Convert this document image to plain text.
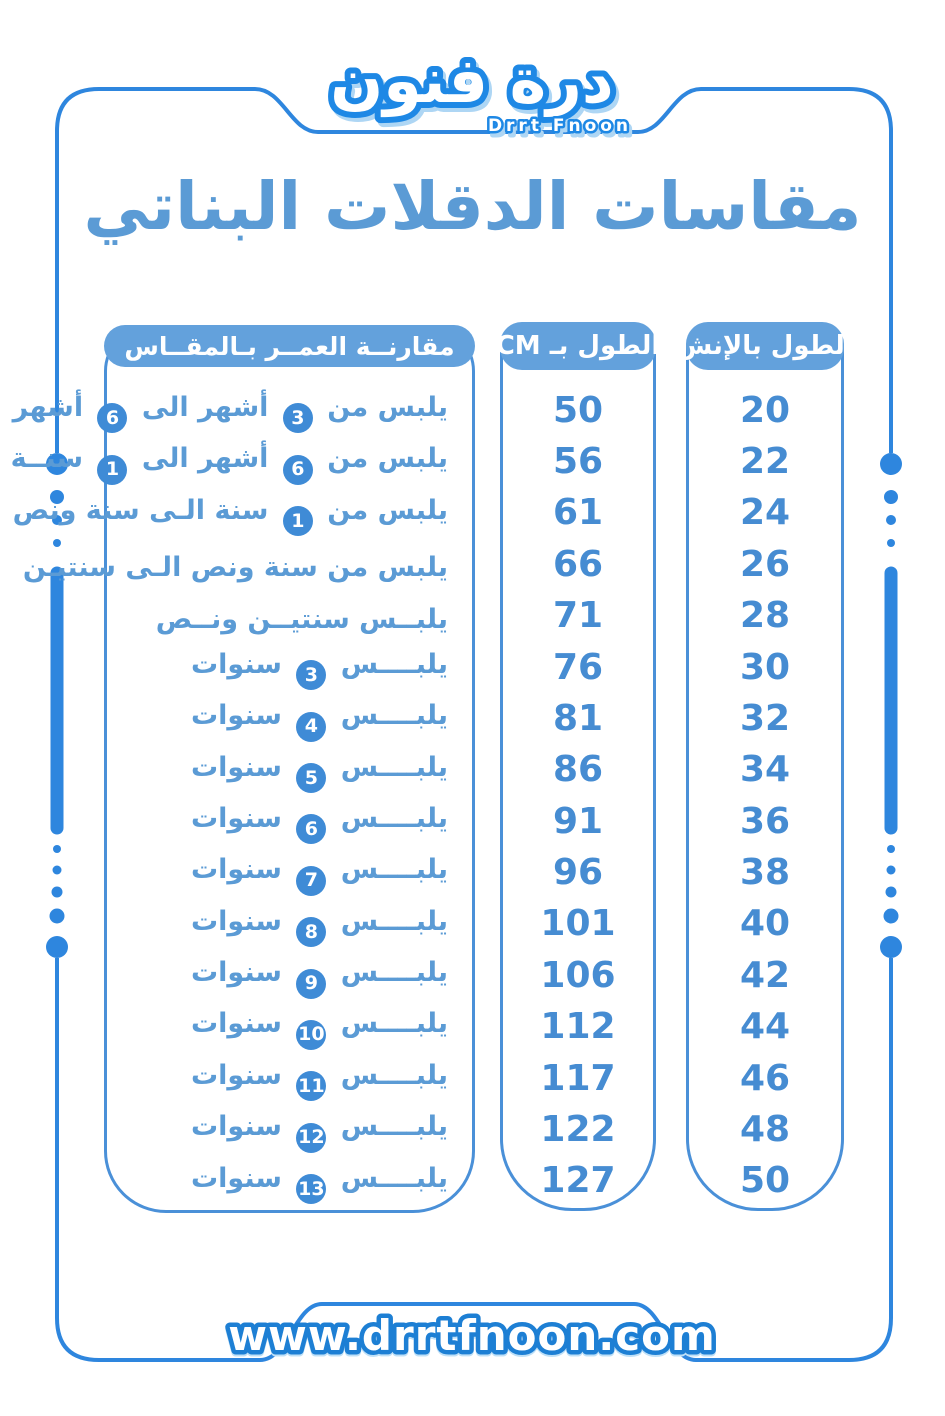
درة فنون
Drrt Fnoon
مقاسات الدقلات البناتي
مقارنــة العمــر بـالمقــاس
يلبس من 3 أشهر الى 6 أشهر
يلبس من 6 أشهر الى 1 سنــة
يلبس من 1 سنة الـى سنة ونص
يلبس من سنة ونص الـى سنتيـن
يلبــس سنتيــن ونــص
يلبــــس 3 سنوات
يلبــــس 4 سنوات
يلبــــس 5 سنوات
يلبــــس 6 سنوات
يلبــــس 7 سنوات
يلبــــس 8 سنوات
يلبــــس 9 سنوات
يلبــــس 10 سنوات
يلبــــس 11 سنوات
يلبــــس 12 سنوات
يلبــــس 13 سنوات
الطول بـ CM
50
56
61
66
71
76
81
86
91
96
101
106
112
117
122
127
الطول بالإنش
20
22
24
26
28
30
32
34
36
38
40
42
44
46
48
50
www.drrtfnoon.com
